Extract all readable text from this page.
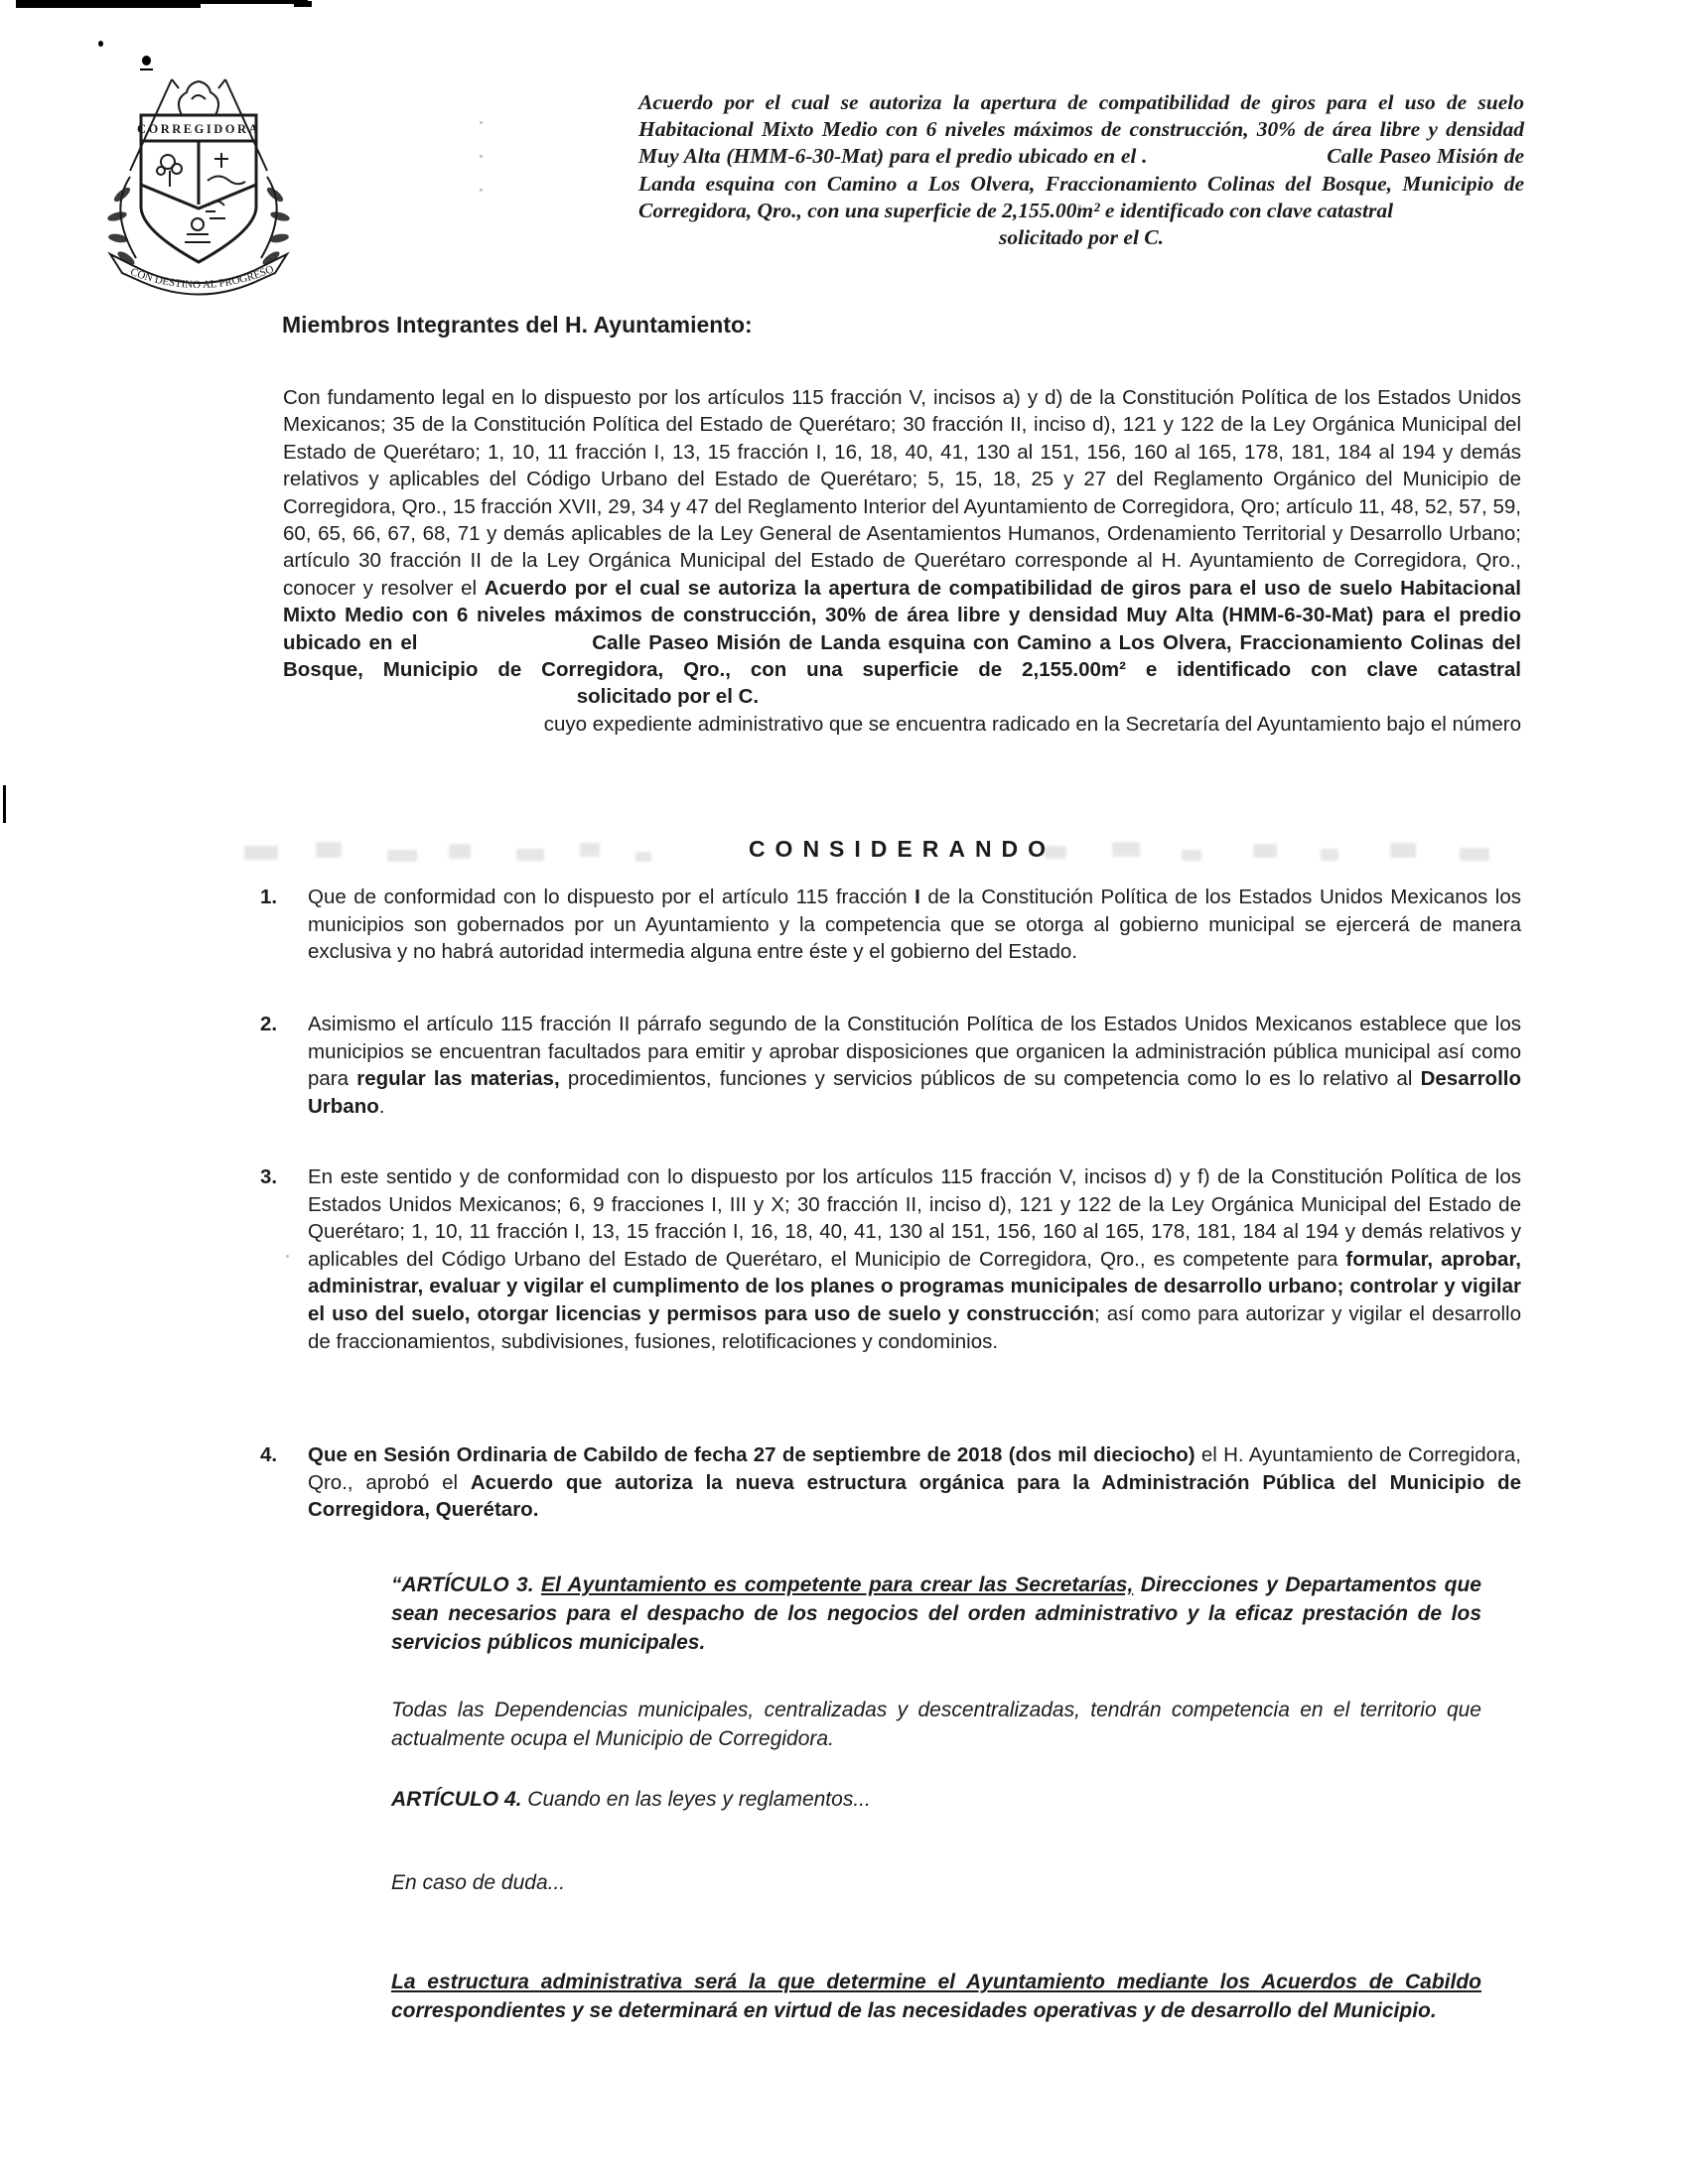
CORREGIDORA
CON DESTINO AL PROGRESO
Acuerdo por el cual se autoriza la apertura de compatibilidad de giros para el uso de suelo Habitacional Mixto Medio con 6 niveles máximos de construcción, 30% de área libre y densidad Muy Alta (HMM-6-30-Mat) para el predio ubicado en el .	Calle Paseo Misión de Landa esquina con Camino a Los Olvera, Fraccionamiento Colinas del Bosque, Municipio de Corregidora, Qro., con una superficie de 2,155.00m² e identificado con clave catastral
solicitado por el C.
Miembros Integrantes del H. Ayuntamiento:
Con fundamento legal en lo dispuesto por los artículos 115 fracción V, incisos a) y d) de la Constitución Política de los Estados Unidos Mexicanos; 35 de la Constitución Política del Estado de Querétaro; 30 fracción II, inciso d), 121 y 122 de la Ley Orgánica Municipal del Estado de Querétaro; 1, 10, 11 fracción I, 13, 15 fracción I, 16, 18, 40, 41, 130 al 151, 156, 160 al 165, 178, 181, 184 al 194 y demás relativos y aplicables del Código Urbano del Estado de Querétaro; 5, 15, 18, 25 y 27 del Reglamento Orgánico del Municipio de Corregidora, Qro., 15 fracción XVII, 29, 34 y 47 del Reglamento Interior del Ayuntamiento de Corregidora, Qro; artículo 11, 48, 52, 57, 59, 60, 65, 66, 67, 68, 71 y demás aplicables de la Ley General de Asentamientos Humanos, Ordenamiento Territorial y Desarrollo Urbano; artículo 30 fracción II de la Ley Orgánica Municipal del Estado de Querétaro corresponde al H. Ayuntamiento de Corregidora, Qro., conocer y resolver el Acuerdo por el cual se autoriza la apertura de compatibilidad de giros para el uso de suelo Habitacional Mixto Medio con 6 niveles máximos de construcción, 30% de área libre y densidad Muy Alta (HMM-6-30-Mat) para el predio ubicado en el	Calle Paseo Misión de Landa esquina con Camino a Los Olvera, Fraccionamiento Colinas del Bosque, Municipio de Corregidora, Qro., con una superficie de 2,155.00m² e identificado con clave catastral  solicitado por el C.
cuyo expediente administrativo que se encuentra radicado en la Secretaría del Ayuntamiento bajo el número
CONSIDERANDO
1. Que de conformidad con lo dispuesto por el artículo 115 fracción I de la Constitución Política de los Estados Unidos Mexicanos los municipios son gobernados por un Ayuntamiento y la competencia que se otorga al gobierno municipal se ejercerá de manera exclusiva y no habrá autoridad intermedia alguna entre éste y el gobierno del Estado.
2. Asimismo el artículo 115 fracción II párrafo segundo de la Constitución Política de los Estados Unidos Mexicanos establece que los municipios se encuentran facultados para emitir y aprobar disposiciones que organicen la administración pública municipal así como para regular las materias, procedimientos, funciones y servicios públicos de su competencia como lo es lo relativo al Desarrollo Urbano.
3. En este sentido y de conformidad con lo dispuesto por los artículos 115 fracción V, incisos d) y f) de la Constitución Política de los Estados Unidos Mexicanos; 6, 9 fracciones I, III y X; 30 fracción II, inciso d), 121 y 122 de la Ley Orgánica Municipal del Estado de Querétaro; 1, 10, 11 fracción I, 13, 15 fracción I, 16, 18, 40, 41, 130 al 151, 156, 160 al 165, 178, 181, 184 al 194 y demás relativos y aplicables del Código Urbano del Estado de Querétaro, el Municipio de Corregidora, Qro., es competente para formular, aprobar, administrar, evaluar y vigilar el cumplimento de los planes o programas municipales de desarrollo urbano; controlar y vigilar el uso del suelo, otorgar licencias y permisos para uso de suelo y construcción; así como para autorizar y vigilar el desarrollo de fraccionamientos, subdivisiones, fusiones, relotificaciones y condominios.
4. Que en Sesión Ordinaria de Cabildo de fecha 27 de septiembre de 2018 (dos mil dieciocho) el H. Ayuntamiento de Corregidora, Qro., aprobó el Acuerdo que autoriza la nueva estructura orgánica para la Administración Pública del Municipio de Corregidora, Querétaro.
“ARTÍCULO 3. El Ayuntamiento es competente para crear las Secretarías, Direcciones y Departamentos que sean necesarios para el despacho de los negocios del orden administrativo y la eficaz prestación de los servicios públicos municipales.
Todas las Dependencias municipales, centralizadas y descentralizadas, tendrán competencia en el territorio que actualmente ocupa el Municipio de Corregidora.
ARTÍCULO 4. Cuando en las leyes y reglamentos...
En caso de duda...
La estructura administrativa será la que determine el Ayuntamiento mediante los Acuerdos de Cabildo correspondientes y se determinará en virtud de las necesidades operativas y de desarrollo del Municipio.
